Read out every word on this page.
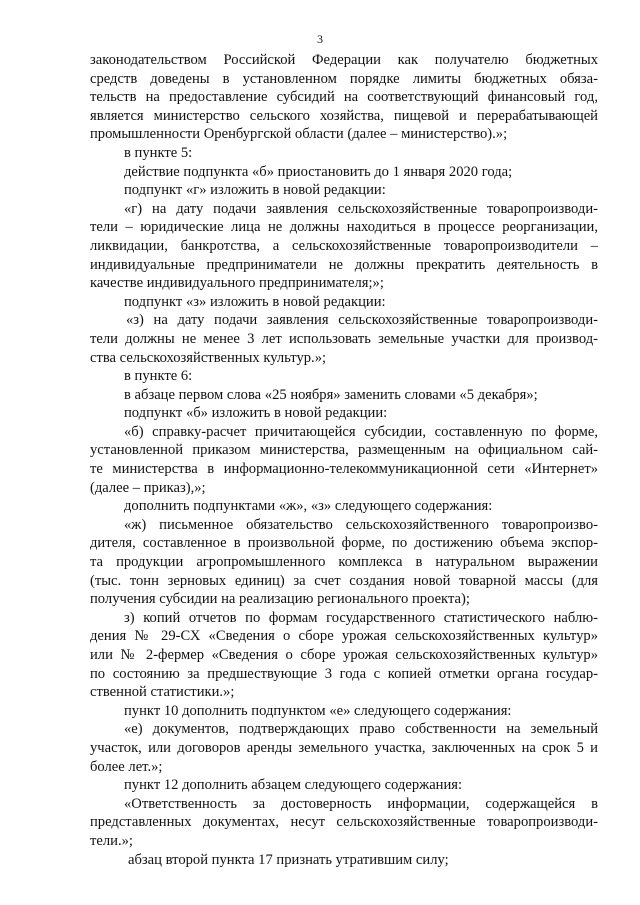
3
законодательством Российской Федерации как получателю бюджетных
средств доведены в установленном порядке лимиты бюджетных обяза-
тельств на предоставление субсидий на соответствующий финансовый год,
является министерство сельского хозяйства, пищевой и перерабатывающей
промышленности Оренбургской области (далее – министерство).»;
в пункте 5:
действие подпункта «б» приостановить до 1 января 2020 года;
подпункт «г» изложить в новой редакции:
«г) на дату подачи заявления сельскохозяйственные товаропроизводи-
тели – юридические лица не должны находиться в процессе реорганизации,
ликвидации, банкротства, а сельскохозяйственные товаропроизводители –
индивидуальные предприниматели не должны прекратить деятельность в
качестве индивидуального предпринимателя;»;
подпункт «з» изложить в новой редакции:
«з) на дату подачи заявления сельскохозяйственные товаропроизводи-
тели должны не менее 3 лет использовать земельные участки для производ-
ства сельскохозяйственных культур.»;
в пункте 6:
в абзаце первом слова «25 ноября» заменить словами «5 декабря»;
подпункт «б» изложить в новой редакции:
«б) справку-расчет причитающейся субсидии, составленную по форме,
установленной приказом министерства, размещенным на официальном сай-
те министерства в информационно-телекоммуникационной сети «Интернет»
(далее – приказ),»;
дополнить подпунктами «ж», «з» следующего содержания:
«ж) письменное обязательство сельскохозяйственного товаропроизво-
дителя, составленное в произвольной форме, по достижению объема экспор-
та продукции агропромышленного комплекса в натуральном выражении
(тыс. тонн зерновых единиц) за счет создания новой товарной массы (для
получения субсидии на реализацию регионального проекта);
з) копий отчетов по формам государственного статистического наблю-
дения № 29-СХ «Сведения о сборе урожая сельскохозяйственных культур»
или № 2-фермер «Сведения о сборе урожая сельскохозяйственных культур»
по состоянию за предшествующие 3 года с копией отметки органа государ-
ственной статистики.»;
пункт 10 дополнить подпунктом «е» следующего содержания:
«е) документов, подтверждающих право собственности на земельный
участок, или договоров аренды земельного участка, заключенных на срок 5 и
более лет.»;
пункт 12 дополнить абзацем следующего содержания:
«Ответственность за достоверность информации, содержащейся в
представленных документах, несут сельскохозяйственные товаропроизводи-
тели.»;
абзац второй пункта 17 признать утратившим силу;
